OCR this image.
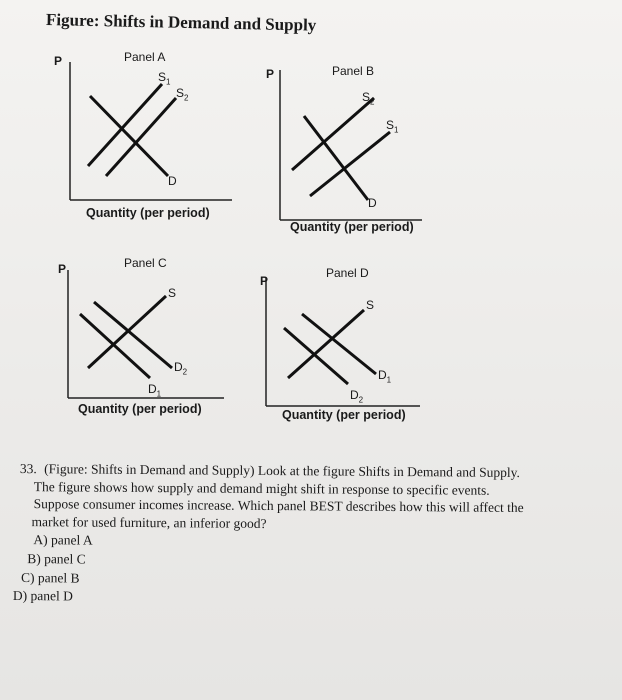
Figure: Shifts in Demand and Supply
P	Panel A
$S_1$
$S_2$
D
Quantity (per period)
P	Panel B
$S_2$
$S_1$
D
Quantity (per period)
P	Panel C
S
$D_2$
$D_1$
Quantity (per period)
P
Panel D
S
$D_1$
$D_2$
Quantity (per period)
33. (Figure: Shifts in Demand and Supply) Look at the figure Shifts in Demand and Supply.
The figure shows how supply and demand might shift in response to specific events.
Suppose consumer incomes increase. Which panel BEST describes how this will affect the
market for used furniture, an inferior good?
A) panel A
B) panel C
C) panel B
D) panel D
